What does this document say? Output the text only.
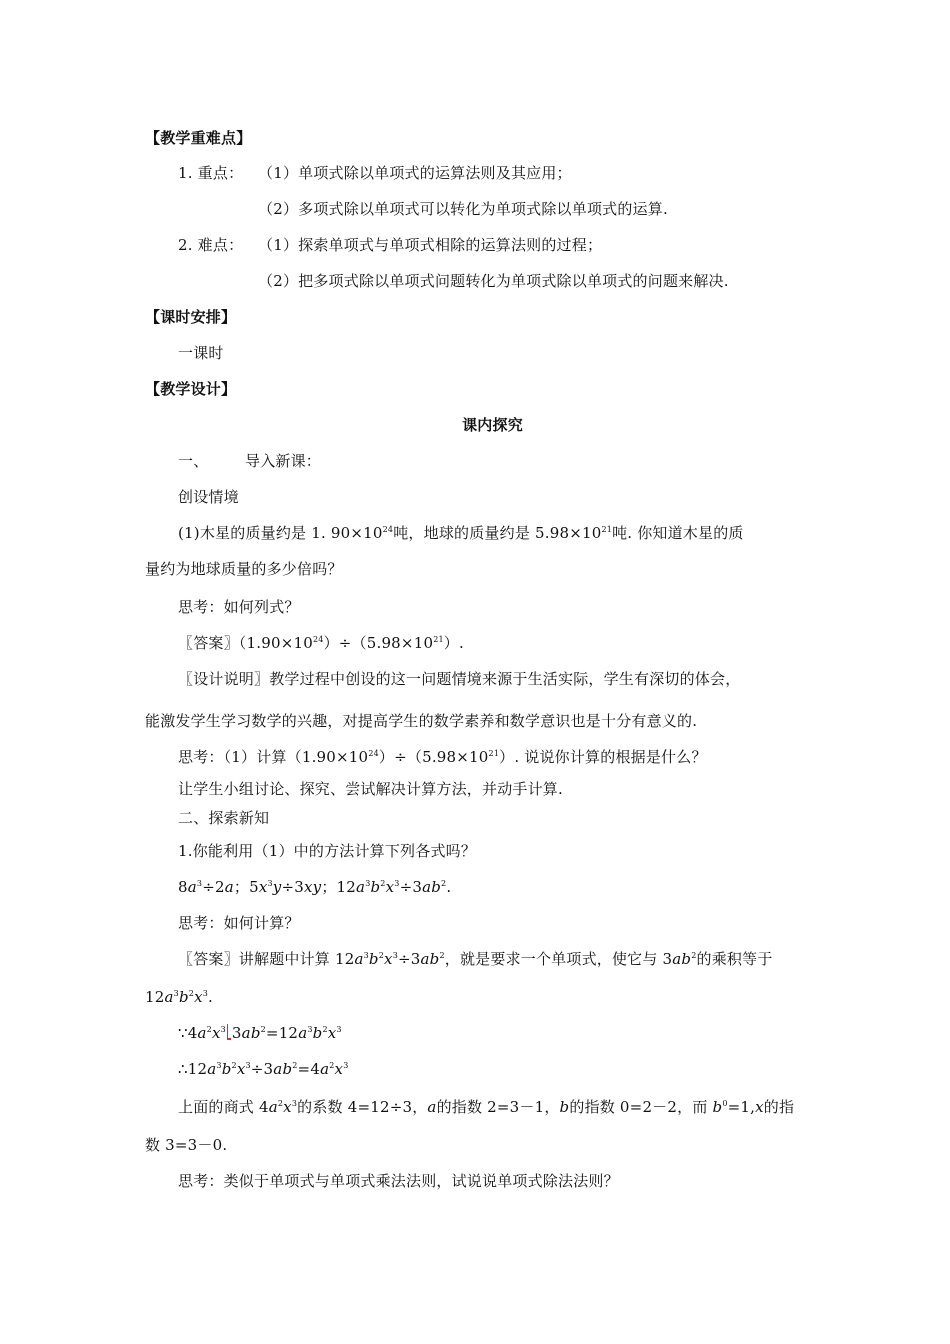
【教学重难点】
1. 重点： （1）单项式除以单项式的运算法则及其应用；
（2）多项式除以单项式可以转化为单项式除以单项式的运算.
2. 难点： （1）探索单项式与单项式相除的运算法则的过程；
（2）把多项式除以单项式问题转化为单项式除以单项式的问题来解决.
【课时安排】
一课时
【教学设计】
课内探究
一、 导入新课：
创设情境
(1)木星的质量约是 1. $90\times 10^{24}$吨，地球的质量约是 $5.98\times 10^{21}$吨. 你知道木星的质
量约为地球质量的多少倍吗？
思考：如何列式？
〖答案〗$(1.90\times 10^{24})\div(5.98\times 10^{21})$.
〖设计说明〗教学过程中创设的这一问题情境来源于生活实际，学生有深切的体会，
能激发学生学习数学的兴趣，对提高学生的数学素养和数学意识也是十分有意义的.
思考：（1）计算$(1.90\times 10^{24})\div(5.98\times 10^{21})$. 说说你计算的根据是什么？
让学生小组讨论、探究、尝试解决计算方法，并动手计算.
二、探索新知
1.你能利用（1）中的方法计算下列各式吗？
$8a^3\div 2a$；$5x^3y\div 3xy$；$12a^3b^2x^3\div 3ab^2$.
思考：如何计算？
〖答案〗讲解题中计算 $12a^3b^2x^3\div 3ab^2$，就是要求一个单项式，使它与 $3ab^2$的乘积等于
$12a^3b^2x^3$.
$\because 4a^2x^3$ $3ab^2=12a^3b^2x^3$
$\therefore 12a^3b^2x^3\div 3ab^2=4a^2x^3$
上面的商式 $4a^2x^3$的系数 4=12÷3，a的指数 2=3－1，b的指数 0=2－2，而 $b^0=1,x$的指
数 3=3－0.
思考：类似于单项式与单项式乘法法则，试说说单项式除法法则？
